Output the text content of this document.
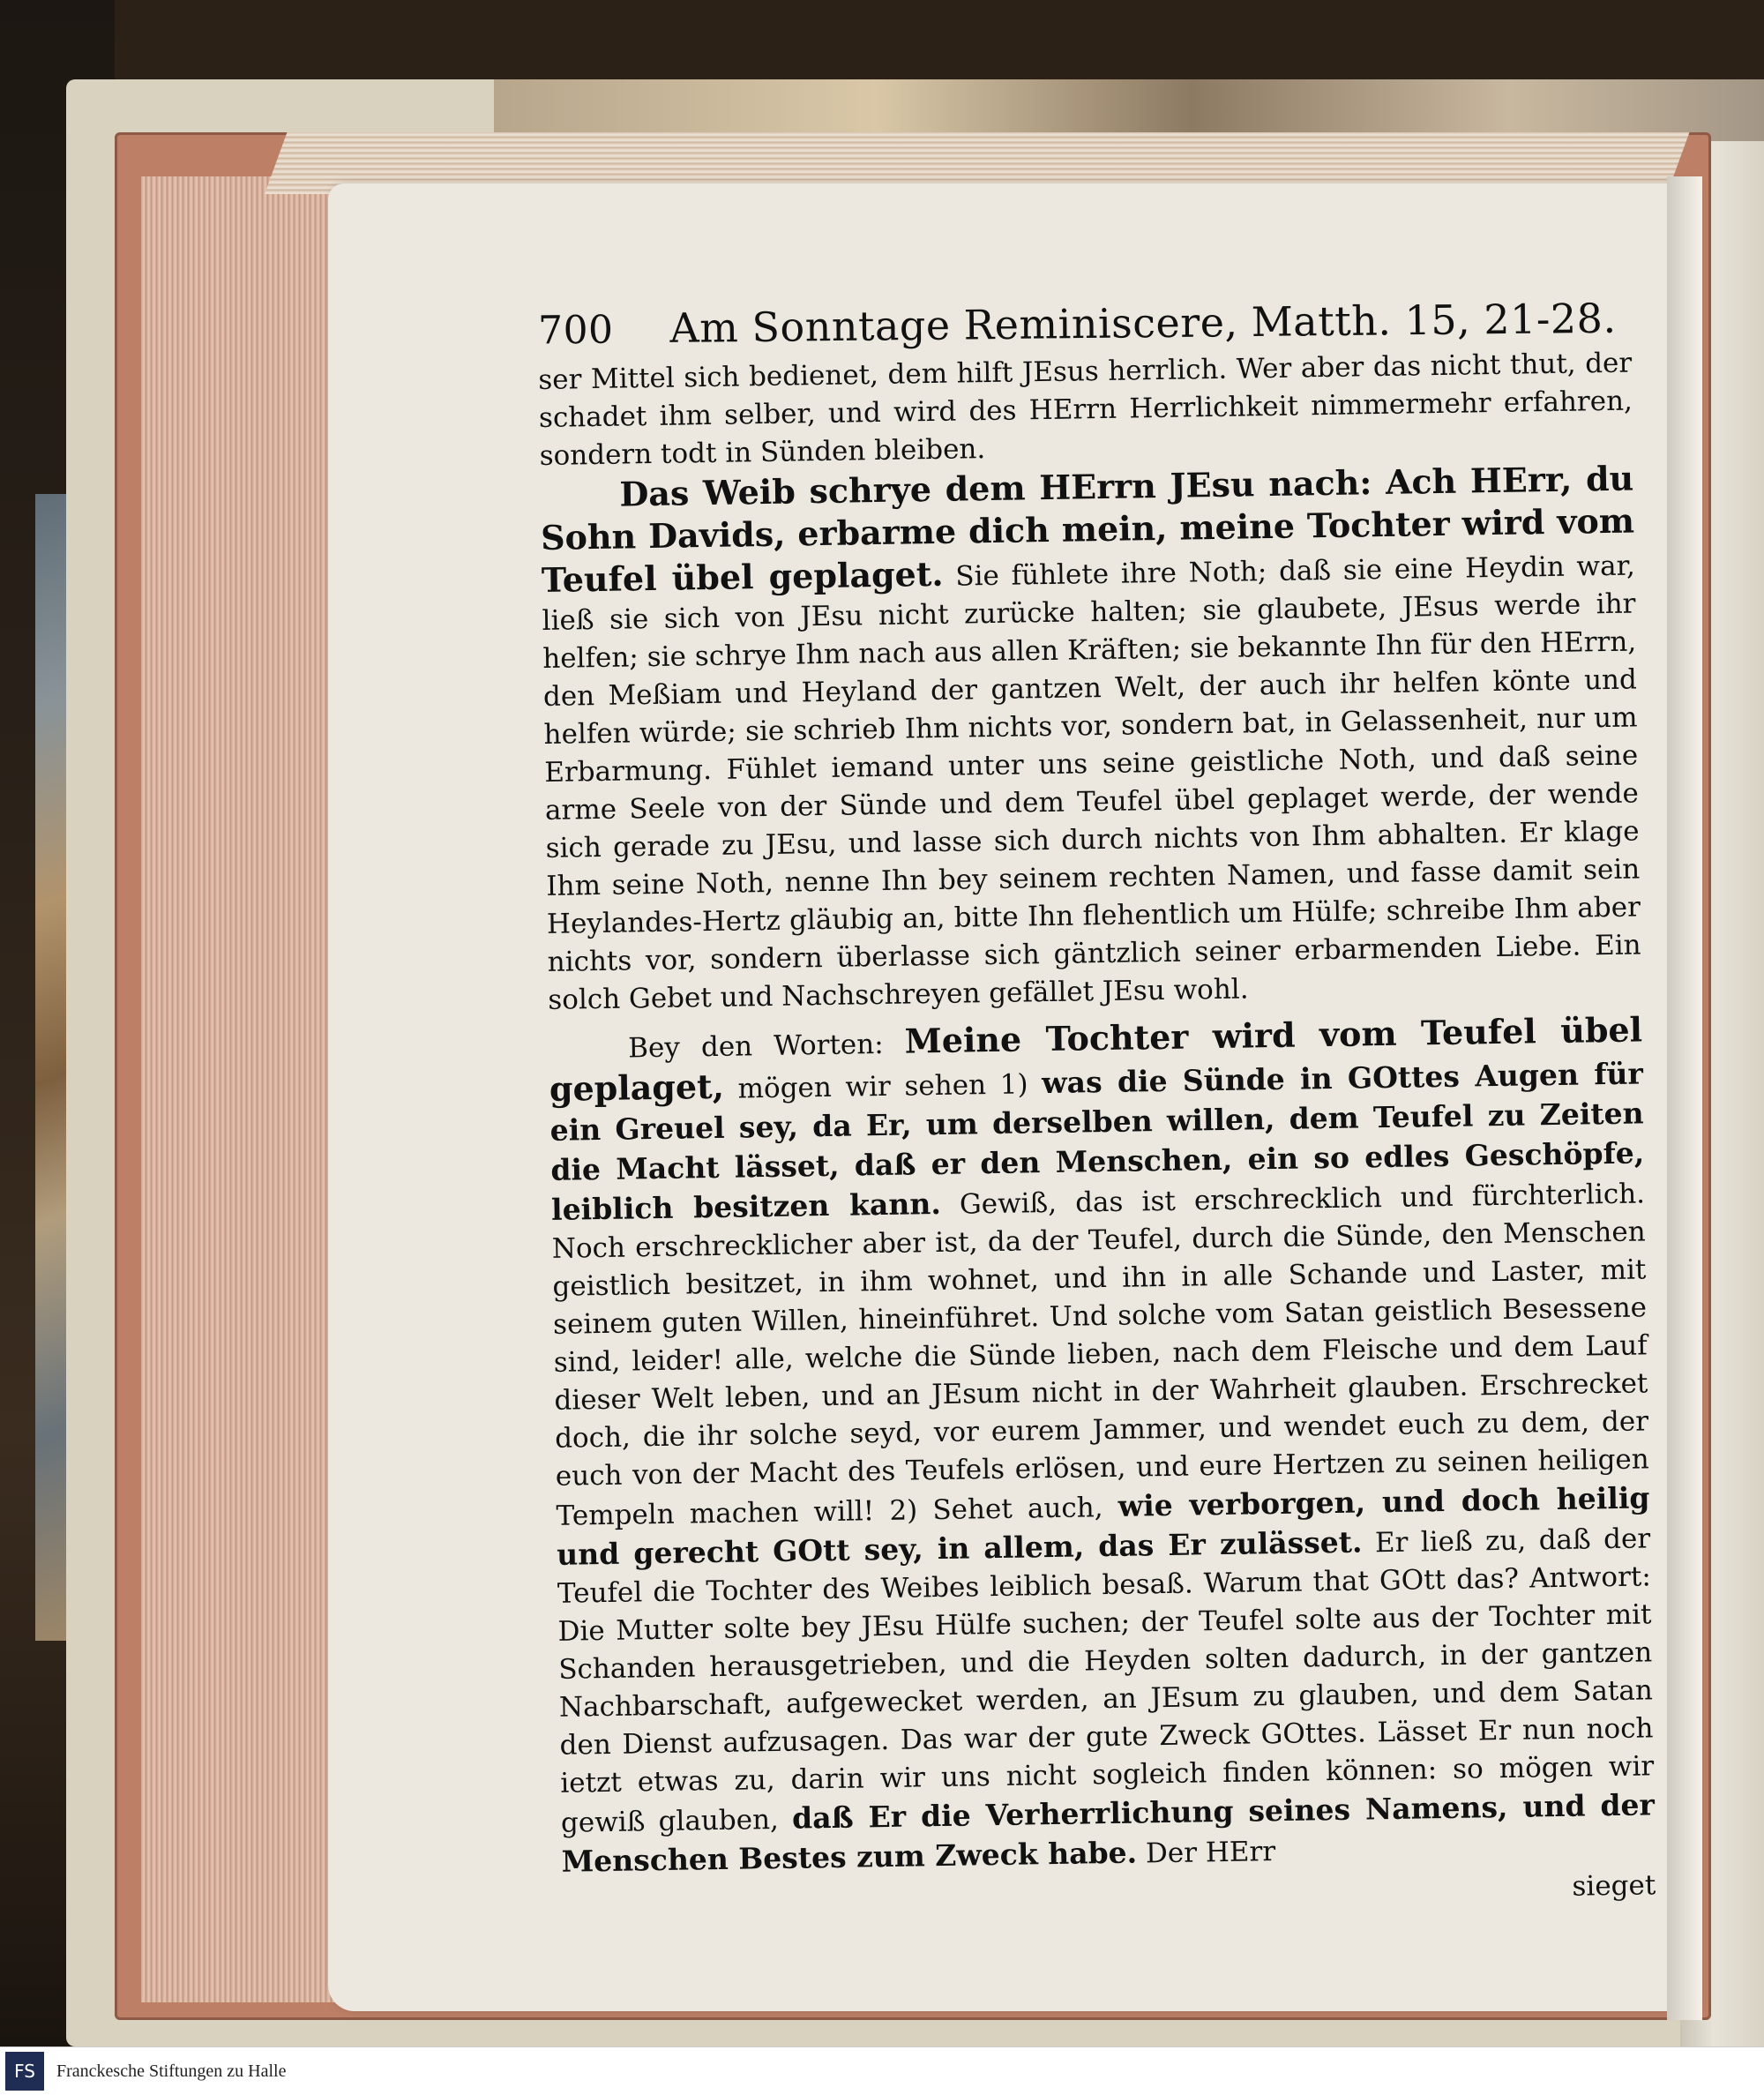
700 Am Sonntage Reminiscere, Matth. 15, 21-28.

ser Mittel sich bedienet, dem hilft JEsus herrlich. Wer aber das nicht thut, der schadet ihm selber, und wird des HErrn Herrlichkeit nimmermehr erfahren, sondern todt in Sünden bleiben.

Das Weib schrye dem HErrn JEsu nach: Ach HErr, du Sohn Davids, erbarme dich mein, meine Tochter wird vom Teufel übel geplaget. Sie fühlete ihre Noth; daß sie eine Heydin war, ließ sie sich von JEsu nicht zurücke halten; sie glaubete, JEsus werde ihr helfen; sie schrye Ihm nach aus allen Kräften; sie bekannte Ihn für den HErrn, den Meßiam und Heyland der gantzen Welt, der auch ihr helfen könte und helfen würde; sie schrieb Ihm nichts vor, sondern bat, in Gelassenheit, nur um Erbarmung. Fühlet iemand unter uns seine geistliche Noth, und daß seine arme Seele von der Sünde und dem Teufel übel geplaget werde, der wende sich gerade zu JEsu, und lasse sich durch nichts von Ihm abhalten. Er klage Ihm seine Noth, nenne Ihn bey seinem rechten Namen, und fasse damit sein Heylandes-Hertz gläubig an, bitte Ihn flehentlich um Hülfe; schreibe Ihm aber nichts vor, sondern überlasse sich gäntzlich seiner erbarmenden Liebe. Ein solch Gebet und Nachschreyen gefället JEsu wohl.

Bey den Worten: Meine Tochter wird vom Teufel übel geplaget, mögen wir sehen 1) was die Sünde in GOttes Augen für ein Greuel sey, da Er, um derselben willen, dem Teufel zu Zeiten die Macht lässet, daß er den Menschen, ein so edles Geschöpfe, leiblich besitzen kann. Gewiß, das ist erschrecklich und fürchterlich. Noch erschrecklicher aber ist, da der Teufel, durch die Sünde, den Menschen geistlich besitzet, in ihm wohnet, und ihn in alle Schande und Laster, mit seinem guten Willen, hineinführet. Und solche vom Satan geistlich Besessene sind, leider! alle, welche die Sünde lieben, nach dem Fleische und dem Lauf dieser Welt leben, und an JEsum nicht in der Wahrheit glauben. Erschrecket doch, die ihr solche seyd, vor eurem Jammer, und wendet euch zu dem, der euch von der Macht des Teufels erlösen, und eure Hertzen zu seinen heiligen Tempeln machen will! 2) Sehet auch, wie verborgen, und doch heilig und gerecht GOtt sey, in allem, das Er zulässet. Er ließ zu, daß der Teufel die Tochter des Weibes leiblich besaß. Warum that GOtt das? Antwort: Die Mutter solte bey JEsu Hülfe suchen; der Teufel solte aus der Tochter mit Schanden herausgetrieben, und die Heyden solten dadurch, in der gantzen Nachbarschaft, aufgewecket werden, an JEsum zu glauben, und dem Satan den Dienst aufzusagen. Das war der gute Zweck GOttes. Lässet Er nun noch ietzt etwas zu, darin wir uns nicht sogleich finden können: so mögen wir gewiß glauben, daß Er die Verherrlichung seines Namens, und der Menschen Bestes zum Zweck habe. Der HErr

sieget
FS Franckesche Stiftungen zu Halle
